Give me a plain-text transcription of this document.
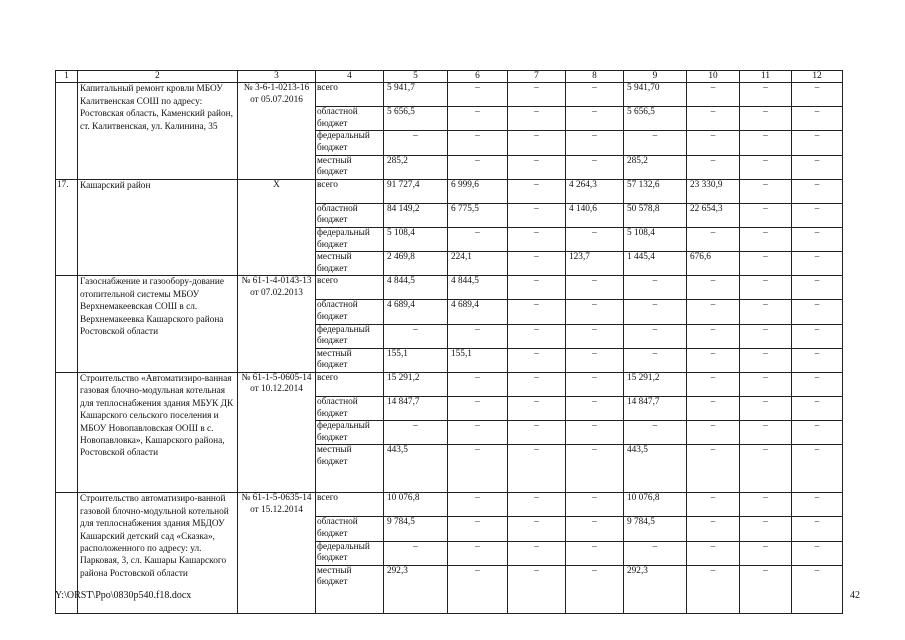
1	2	3	4	5	6	7	8	9	10	11	12
	Капитальный ремонт кровли МБОУ Калитвенская СОШ по адресу: Ростовская область, Каменский район, ст. Калитвенская, ул. Калинина, 35	№ 3-6-1-0213-16 от 05.07.2016	всего	5 941,7	–	–	–	5 941,70	–	–	–
			областной бюджет	5 656,5	–	–	–	5 656,5	–	–	–
			федеральный бюджет	–	–	–	–	–	–	–	–
			местный бюджет	285,2	–	–	–	285,2	–	–	–
17.	Кашарский район	Х	всего	91 727,4	6 999,6	–	4 264,3	57 132,6	23 330,9	–	–
			областной бюджет	84 149,2	6 775,5	–	4 140,6	50 578,8	22 654,3	–	–
			федеральный бюджет	5 108,4	–	–	–	5 108,4	–	–	–
			местный бюджет	2 469,8	224,1	–	123,7	1 445,4	676,6	–	–
	Газоснабжение и газообору-дование отопительной системы МБОУ Верхнемакеевская СОШ в сл. Верхнемакеевка Кашарского района Ростовской области	№ 61-1-4-0143-13 от 07.02.2013	всего	4 844,5	4 844,5	–	–	–	–	–	–
			областной бюджет	4 689,4	4 689,4	–	–	–	–	–	–
			федеральный бюджет	–	–	–	–	–	–	–	–
			местный бюджет	155,1	155,1	–	–	–	–	–	–
	Строительство «Автоматизиро-ванная газовая блочно-модульная котельная для теплоснабжения здания МБУК ДК Кашарского сельского поселения и МБОУ Новопавловская ООШ в с. Новопавловка», Кашарского района, Ростовской области	№ 61-1-5-0605-14 от 10.12.2014	всего	15 291,2	–	–	–	15 291,2	–	–	–
			областной бюджет	14 847,7	–	–	–	14 847,7	–	–	–
			федеральный бюджет	–	–	–	–	–	–	–	–
			местный бюджет	443,5	–	–	–	443,5	–	–	–
	Строительство автоматизиро-ванной газовой блочно-модульной котельной для теплоснабжения здания МБДОУ Кашарский детский сад «Сказка», расположенного по адресу: ул. Парковая, 3, сл. Кашары Кашарского района Ростовской области	№ 61-1-5-0635-14 от 15.12.2014	всего	10 076,8	–	–	–	10 076,8	–	–	–
			областной бюджет	9 784,5	–	–	–	9 784,5	–	–	–
			федеральный бюджет	–	–	–	–	–	–	–	–
			местный бюджет	292,3	–	–	–	292,3	–	–	–
Y:\ORST\Ppo\0830p540.f18.docx	42
